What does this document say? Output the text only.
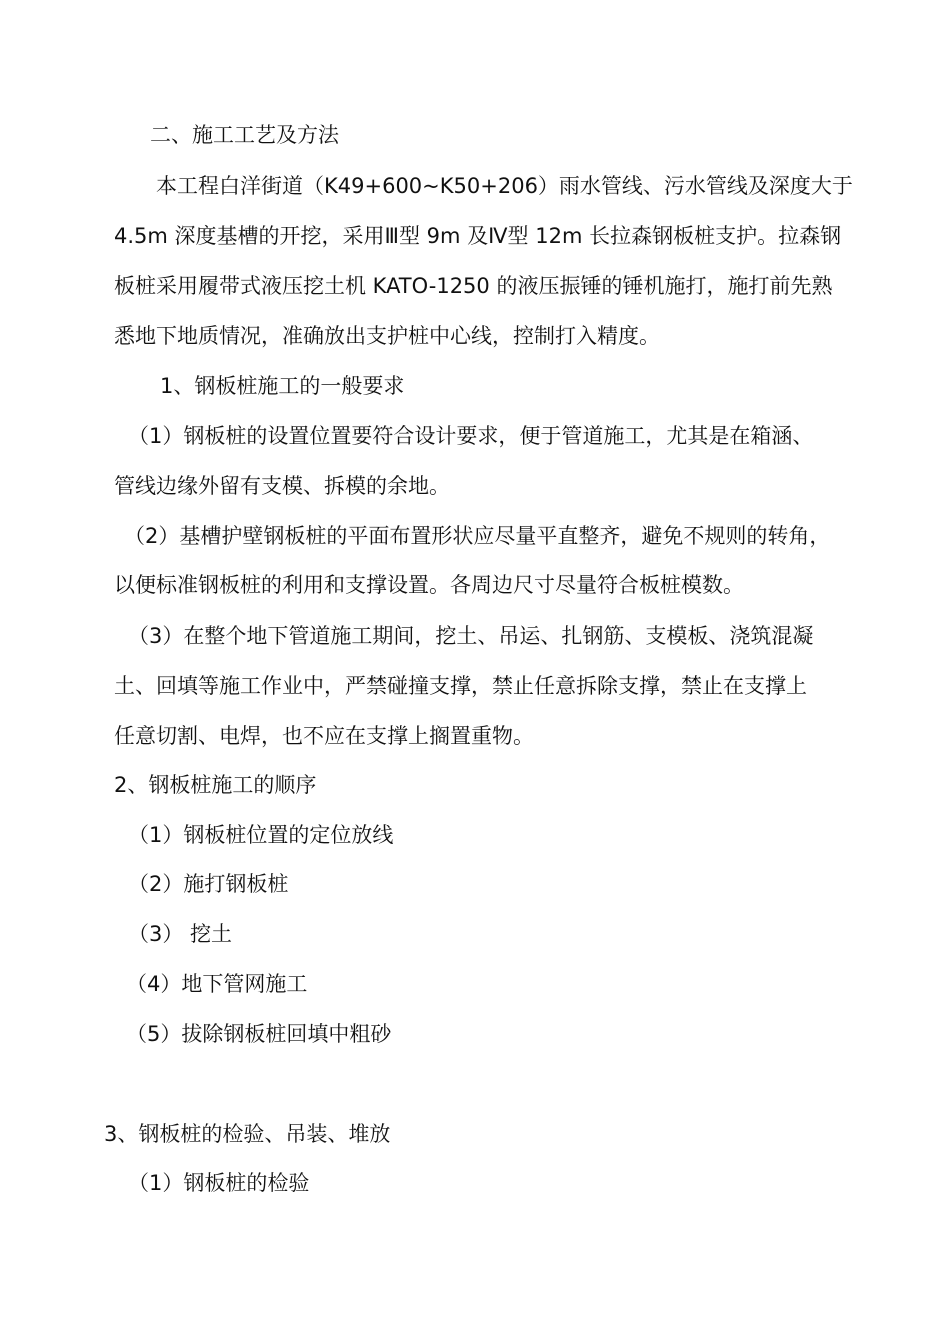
二、施工工艺及方法
本工程白洋街道（K49+600~K50+206）雨水管线、污水管线及深度大于
4.5m 深度基槽的开挖，采用Ⅲ型 9m 及Ⅳ型 12m 长拉森钢板桩支护。拉森钢
板桩采用履带式液压挖土机 KATO-1250 的液压振锤的锤机施打，施打前先熟
悉地下地质情况，准确放出支护桩中心线，控制打入精度。
1、钢板桩施工的一般要求
（1）钢板桩的设置位置要符合设计要求，便于管道施工，尤其是在箱涵、
管线边缘外留有支模、拆模的余地。
（2）基槽护壁钢板桩的平面布置形状应尽量平直整齐，避免不规则的转角，
以便标准钢板桩的利用和支撑设置。各周边尺寸尽量符合板桩模数。
（3）在整个地下管道施工期间，挖土、吊运、扎钢筋、支模板、浇筑混凝
土、回填等施工作业中，严禁碰撞支撑，禁止任意拆除支撑，禁止在支撑上
任意切割、电焊，也不应在支撑上搁置重物。
2、钢板桩施工的顺序
（1）钢板桩位置的定位放线
（2）施打钢板桩
（3） 挖土
（4）地下管网施工
（5）拔除钢板桩回填中粗砂
3、钢板桩的检验、吊装、堆放
（1）钢板桩的检验
